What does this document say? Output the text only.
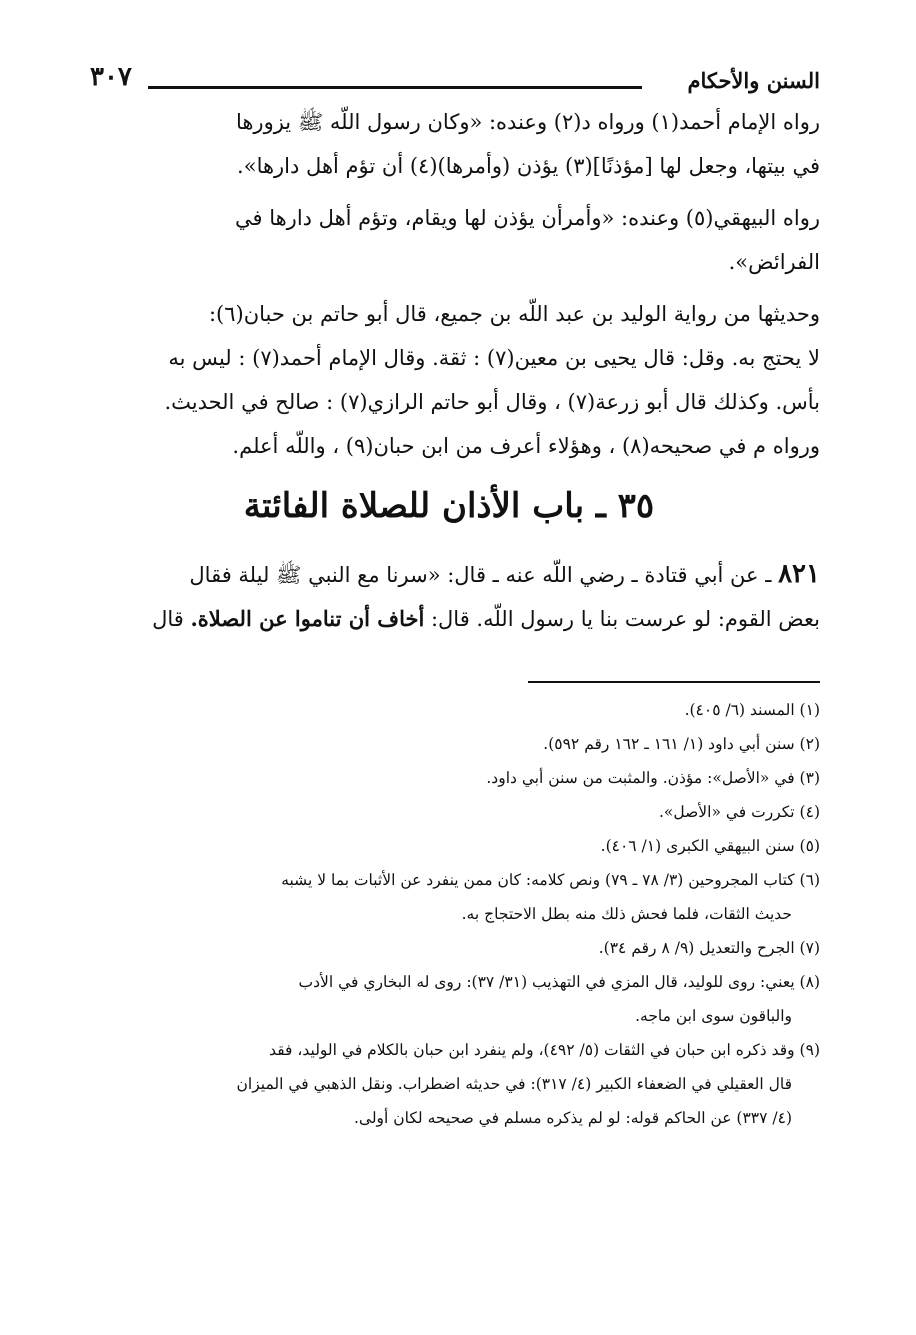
السنن والأحكام
٣٠٧

رواه الإمام أحمد(١) ورواه د(٢) وعنده: «وكان رسول اللّه ﷺ يزورها

في بيتها، وجعل لها [مؤذنًا](٣) يؤذن (وأمرها)(٤) أن تؤم أهل دارها».

رواه البيهقي(٥) وعنده: «وأمرأن يؤذن لها ويقام، وتؤم أهل دارها في

الفرائض».

وحديثها من رواية الوليد بن عبد اللّه بن جميع، قال أبو حاتم بن حبان(٦):

لا يحتج به. وقل: قال يحيى بن معين(٧) : ثقة. وقال الإمام أحمد(٧) : ليس به

بأس. وكذلك قال أبو زرعة(٧) ، وقال أبو حاتم الرازي(٧) : صالح في الحديث.

ورواه م في صحيحه(٨) ، وهؤلاء أعرف من ابن حبان(٩) ، واللّه أعلم.

٣٥ ـ باب الأذان للصلاة الفائتة

٨٢١ ـ عن أبي قتادة ـ رضي اللّه عنه ـ قال: «سرنا مع النبي ﷺ ليلة فقال

بعض القوم: لو عرست بنا يا رسول اللّه. قال: أخاف أن تناموا عن الصلاة. قال

(١) المسند (٦/ ٤٠٥).

(٢) سنن أبي داود (١/ ١٦١ ـ ١٦٢ رقم ٥٩٢).

(٣) في «الأصل»: مؤذن. والمثبت من سنن أبي داود.

(٤) تكررت في «الأصل».

(٥) سنن البيهقي الكبرى (١/ ٤٠٦).

(٦) كتاب المجروحين (٣/ ٧٨ ـ ٧٩) ونص كلامه: كان ممن ينفرد عن الأثبات بما لا يشبه
حديث الثقات، فلما فحش ذلك منه بطل الاحتجاج به.

(٧) الجرح والتعديل (٩/ ٨ رقم ٣٤).

(٨) يعني: روى للوليد، قال المزي في التهذيب (٣١/ ٣٧): روى له البخاري في الأدب
والباقون سوى ابن ماجه.

(٩) وقد ذكره ابن حبان في الثقات (٥/ ٤٩٢)، ولم ينفرد ابن حبان بالكلام في الوليد، فقد
قال العقيلي في الضعفاء الكبير (٤/ ٣١٧): في حديثه اضطراب. ونقل الذهبي في الميزان
(٤/ ٣٣٧) عن الحاكم قوله: لو لم يذكره مسلم في صحيحه لكان أولى.
